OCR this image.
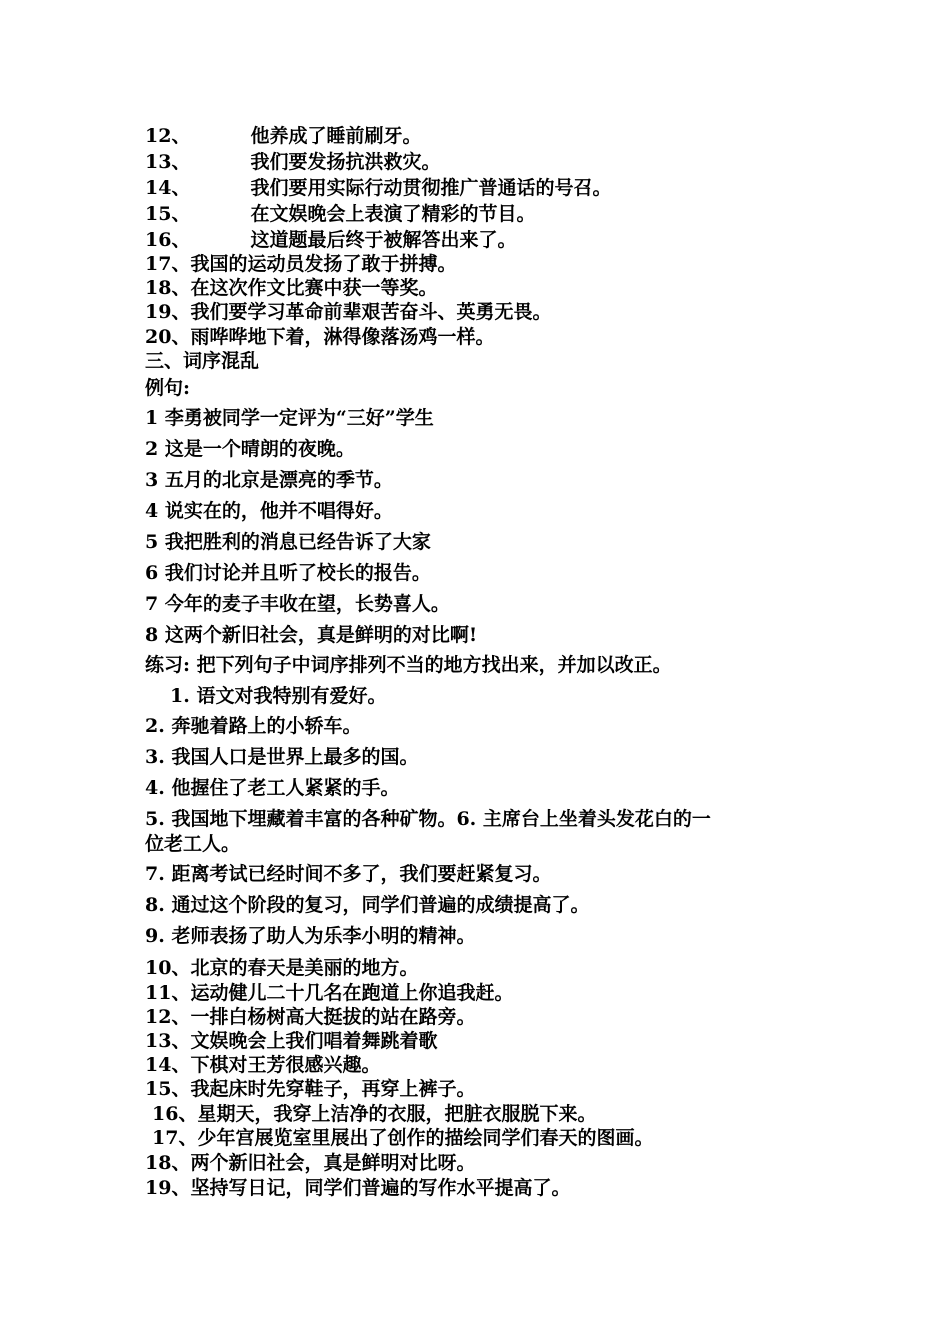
12、	他养成了睡前刷牙。
13、	我们要发扬抗洪救灾。
14、	我们要用实际行动贯彻推广普通话的号召。
15、	在文娱晚会上表演了精彩的节目。
16、	这道题最后终于被解答出来了。
17、我国的运动员发扬了敢于拼搏。
18、在这次作文比赛中获一等奖。
19、我们要学习革命前辈艰苦奋斗、英勇无畏。
20、雨哗哗地下着，淋得像落汤鸡一样。
三、词序混乱
例句:
1 李勇被同学一定评为“三好”学生
2 这是一个晴朗的夜晚。
3 五月的北京是漂亮的季节。
4 说实在的，他并不唱得好。
5 我把胜利的消息已经告诉了大家
6 我们讨论并且听了校长的报告。
7 今年的麦子丰收在望，长势喜人。
8 这两个新旧社会，真是鲜明的对比啊!
练习: 把下列句子中词序排列不当的地方找出来，并加以改正。
1. 语文对我特别有爱好。
2. 奔驰着路上的小轿车。
3. 我国人口是世界上最多的国。
4. 他握住了老工人紧紧的手。
5. 我国地下埋藏着丰富的各种矿物。6. 主席台上坐着头发花白的一
位老工人。
7. 距离考试已经时间不多了，我们要赶紧复习。
8. 通过这个阶段的复习，同学们普遍的成绩提高了。
9. 老师表扬了助人为乐李小明的精神。
10、北京的春天是美丽的地方。
11、运动健儿二十几名在跑道上你追我赶。
12、一排白杨树高大挺拔的站在路旁。
13、文娱晚会上我们唱着舞跳着歌
14、下棋对王芳很感兴趣。
15、我起床时先穿鞋子，再穿上裤子。
16、星期天，我穿上洁净的衣服，把脏衣服脱下来。
17、少年宫展览室里展出了创作的描绘同学们春天的图画。
18、两个新旧社会，真是鲜明对比呀。
19、坚持写日记，同学们普遍的写作水平提高了。
